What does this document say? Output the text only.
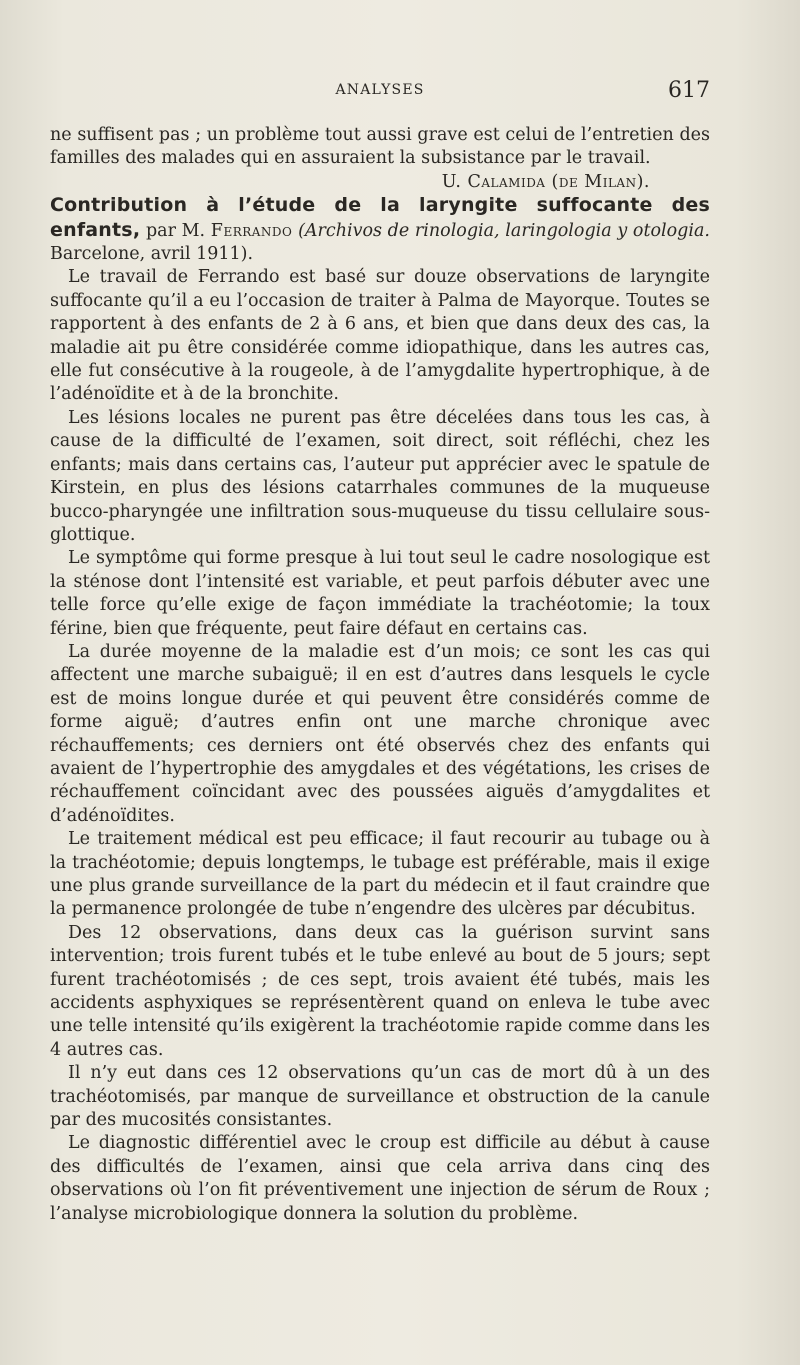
ANALYSES	617

ne suffisent pas ; un problème tout aussi grave est celui de l’entretien des familles des malades qui en assuraient la subsistance par le travail.

U. Calamida (de Milan).

Contribution à l’étude de la laryngite suffocante des enfants, par M. Ferrando (Archivos de rinologia, laringologia y otologia. Barcelone, avril 1911).

Le travail de Ferrando est basé sur douze observations de laryngite suffocante qu’il a eu l’occasion de traiter à Palma de Mayorque. Toutes se rapportent à des enfants de 2 à 6 ans, et bien que dans deux des cas, la maladie ait pu être considérée comme idiopathique, dans les autres cas, elle fut consécutive à la rougeole, à de l’amygdalite hypertrophique, à de l’adénoïdite et à de la bronchite.

Les lésions locales ne purent pas être décelées dans tous les cas, à cause de la difficulté de l’examen, soit direct, soit réfléchi, chez les enfants; mais dans certains cas, l’auteur put apprécier avec le spatule de Kirstein, en plus des lésions catarrhales communes de la muqueuse bucco-pharyngée une infiltration sous-muqueuse du tissu cellulaire sous-glottique.

Le symptôme qui forme presque à lui tout seul le cadre nosologique est la sténose dont l’intensité est variable, et peut parfois débuter avec une telle force qu’elle exige de façon immédiate la trachéotomie; la toux férine, bien que fréquente, peut faire défaut en certains cas.

La durée moyenne de la maladie est d’un mois; ce sont les cas qui affectent une marche subaiguë; il en est d’autres dans lesquels le cycle est de moins longue durée et qui peuvent être considérés comme de forme aiguë; d’autres enfin ont une marche chronique avec réchauffements; ces derniers ont été observés chez des enfants qui avaient de l’hypertrophie des amygdales et des végétations, les crises de réchauffement coïncidant avec des poussées aiguës d’amygdalites et d’adénoïdites.

Le traitement médical est peu efficace; il faut recourir au tubage ou à la trachéotomie; depuis longtemps, le tubage est préférable, mais il exige une plus grande surveillance de la part du médecin et il faut craindre que la permanence prolongée de tube n’engendre des ulcères par décubitus.

Des 12 observations, dans deux cas la guérison survint sans intervention; trois furent tubés et le tube enlevé au bout de 5 jours; sept furent trachéotomisés ; de ces sept, trois avaient été tubés, mais les accidents asphyxiques se représentèrent quand on enleva le tube avec une telle intensité qu’ils exigèrent la trachéotomie rapide comme dans les 4 autres cas.

Il n’y eut dans ces 12 observations qu’un cas de mort dû à un des trachéotomisés, par manque de surveillance et obstruction de la canule par des mucosités consistantes.

Le diagnostic différentiel avec le croup est difficile au début à cause des difficultés de l’examen, ainsi que cela arriva dans cinq des observations où l’on fit préventivement une injection de sérum de Roux ; l’analyse microbiologique donnera la solution du problème.
